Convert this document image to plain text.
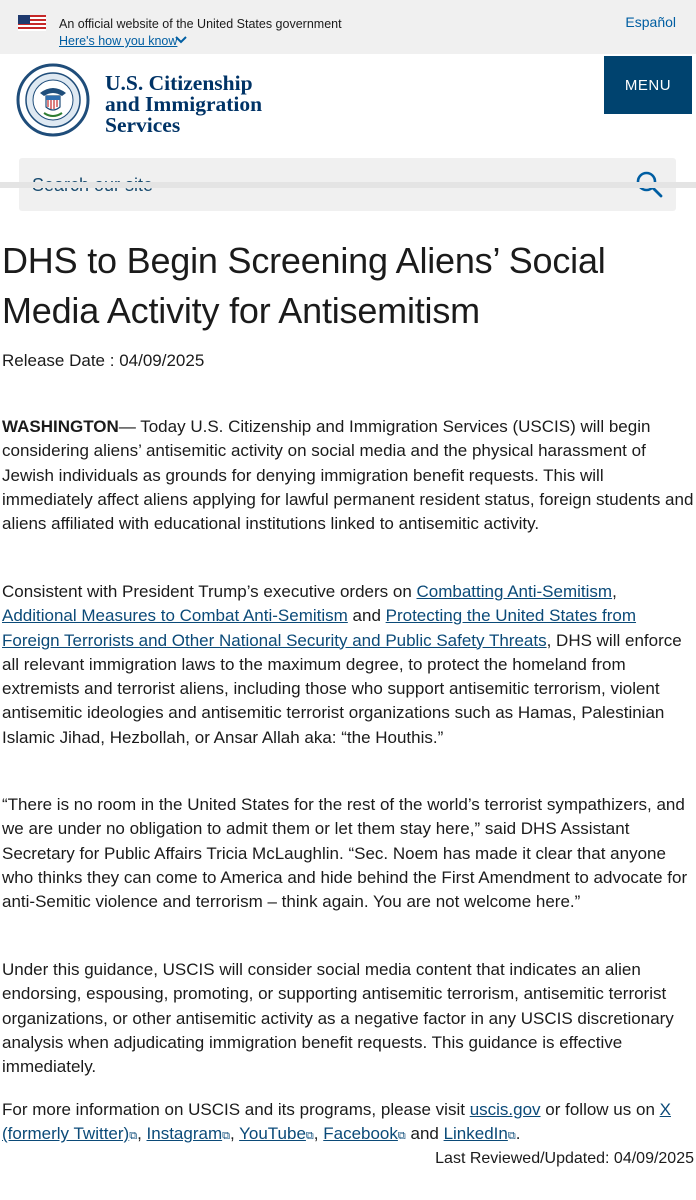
An official website of the United States government
Here's how you know
Español
U.S. Citizenship
and Immigration
Services
MENU
DHS to Begin Screening Aliens’ Social Media Activity for Antisemitism
Release Date : 04/09/2025

WASHINGTON— Today U.S. Citizenship and Immigration Services (USCIS) will begin considering aliens’ antisemitic activity on social media and the physical harassment of Jewish individuals as grounds for denying immigration benefit requests. This will immediately affect aliens applying for lawful permanent resident status, foreign students and aliens affiliated with educational institutions linked to antisemitic activity.

Consistent with President Trump’s executive orders on Combatting Anti-Semitism, Additional Measures to Combat Anti-Semitism and Protecting the United States from Foreign Terrorists and Other National Security and Public Safety Threats, DHS will enforce all relevant immigration laws to the maximum degree, to protect the homeland from extremists and terrorist aliens, including those who support antisemitic terrorism, violent antisemitic ideologies and antisemitic terrorist organizations such as Hamas, Palestinian Islamic Jihad, Hezbollah, or Ansar Allah aka: “the Houthis.”

“There is no room in the United States for the rest of the world’s terrorist sympathizers, and we are under no obligation to admit them or let them stay here,” said DHS Assistant Secretary for Public Affairs Tricia McLaughlin. “Sec. Noem has made it clear that anyone who thinks they can come to America and hide behind the First Amendment to advocate for anti-Semitic violence and terrorism – think again. You are not welcome here.”

Under this guidance, USCIS will consider social media content that indicates an alien endorsing, espousing, promoting, or supporting antisemitic terrorism, antisemitic terrorist organizations, or other antisemitic activity as a negative factor in any USCIS discretionary analysis when adjudicating immigration benefit requests. This guidance is effective immediately.

For more information on USCIS and its programs, please visit uscis.gov or follow us on X (formerly Twitter)⧉, Instagram⧉, YouTube⧉, Facebook⧉ and LinkedIn⧉.

Last Reviewed/Updated: 04/09/2025
